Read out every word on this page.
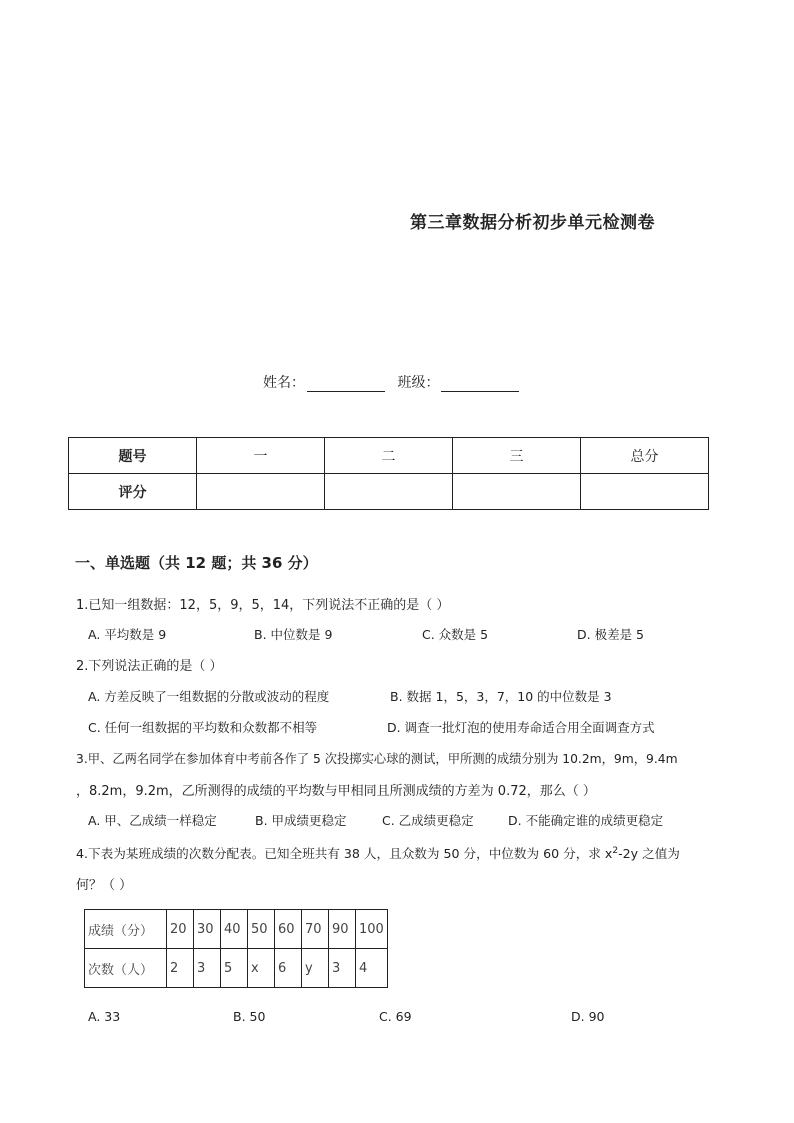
第三章数据分析初步单元检测卷
姓名：	班级：
题号	一	二	三	总分
评分				
一、单选题（共 12 题；共 36 分）
1.已知一组数据：12，5，9，5，14，下列说法不正确的是（ ）
A. 平均数是 9	B. 中位数是 9	C. 众数是 5	D. 极差是 5
2.下列说法正确的是（ ）
A. 方差反映了一组数据的分散或波动的程度	B. 数据 1，5，3，7，10 的中位数是 3
C. 任何一组数据的平均数和众数都不相等	D. 调查一批灯泡的使用寿命适合用全面调查方式
3.甲、乙两名同学在参加体育中考前各作了 5 次投掷实心球的测试，甲所测的成绩分别为 10.2m，9m，9.4m
，8.2m，9.2m，乙所测得的成绩的平均数与甲相同且所测成绩的方差为 0.72，那么（ ）
A. 甲、乙成绩一样稳定	B. 甲成绩更稳定	C. 乙成绩更稳定	D. 不能确定谁的成绩更稳定
4.下表为某班成绩的次数分配表。已知全班共有 38 人，且众数为 50 分，中位数为 60 分，求 $x^2-2y$ 之值为
何？（ ）
成绩（分）	20	30	40	50	60	70	90	100
次数（人）	2	3	5	x	6	y	3	4
A. 33	B. 50	C. 69	D. 90
